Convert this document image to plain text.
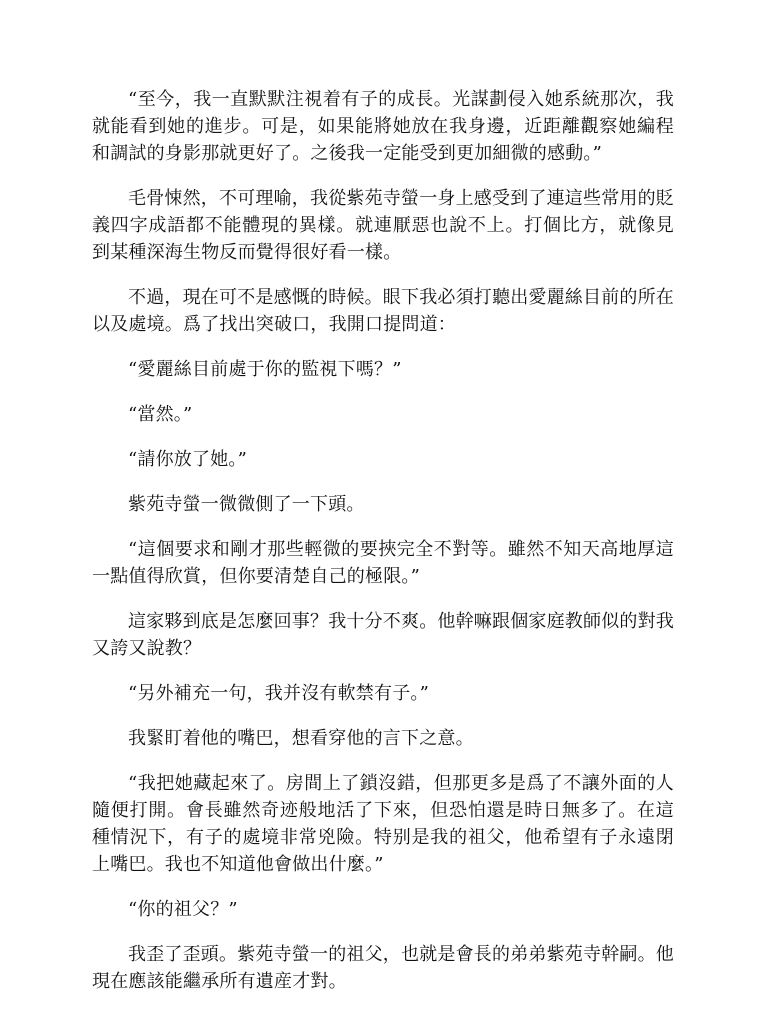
“至今，我一直默默注視着有子的成長。光謀劃侵入她系統那次，我就能看到她的進步。可是，如果能將她放在我身邊，近距離觀察她編程和調試的身影那就更好了。之後我一定能受到更加細微的感動。”

毛骨悚然，不可理喻，我從紫苑寺螢一身上感受到了連這些常用的貶義四字成語都不能體現的異樣。就連厭惡也說不上。打個比方，就像見到某種深海生物反而覺得很好看一樣。

不過，現在可不是感慨的時候。眼下我必須打聽出愛麗絲目前的所在以及處境。爲了找出突破口，我開口提問道：

“愛麗絲目前處于你的監視下嗎？”

“當然。”

“請你放了她。”

紫苑寺螢一微微側了一下頭。

“這個要求和剛才那些輕微的要挾完全不對等。雖然不知天高地厚這一點值得欣賞，但你要清楚自己的極限。”

這家夥到底是怎麼回事？我十分不爽。他幹嘛跟個家庭教師似的對我又誇又說教？

“另外補充一句，我并沒有軟禁有子。”

我緊盯着他的嘴巴，想看穿他的言下之意。

“我把她藏起來了。房間上了鎖沒錯，但那更多是爲了不讓外面的人隨便打開。會長雖然奇迹般地活了下來，但恐怕還是時日無多了。在這種情況下，有子的處境非常兇險。特别是我的祖父，他希望有子永遠閉上嘴巴。我也不知道他會做出什麼。”

“你的祖父？”

我歪了歪頭。紫苑寺螢一的祖父，也就是會長的弟弟紫苑寺幹嗣。他現在應該能繼承所有遺産才對。
